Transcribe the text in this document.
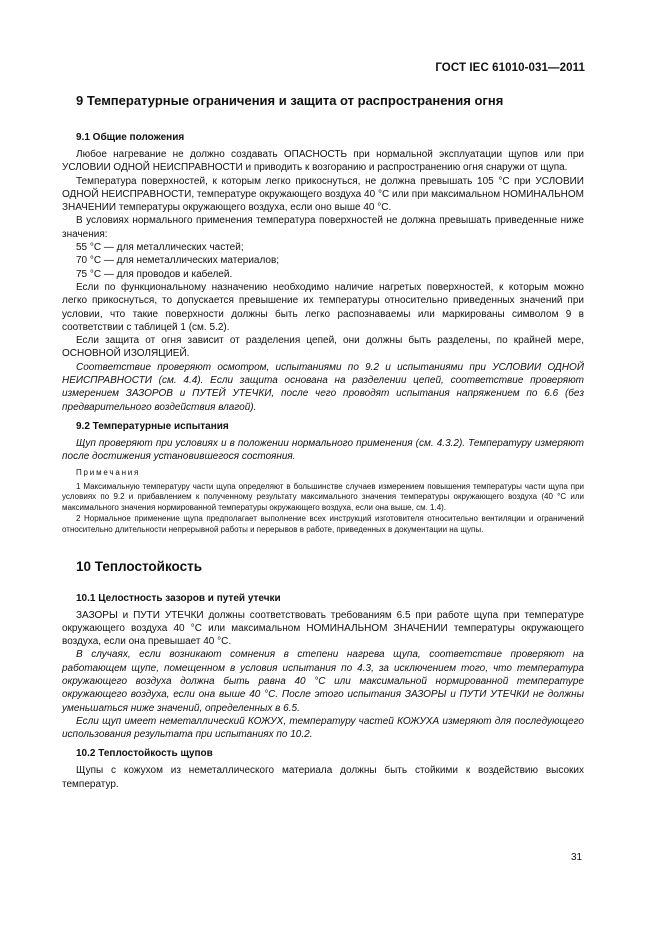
ГОСТ IEC 61010-031—2011
9 Температурные ограничения и защита от распространения огня
9.1 Общие положения

Любое нагревание не должно создавать ОПАСНОСТЬ при нормальной эксплуатации щупов или при УСЛОВИИ ОДНОЙ НЕИСПРАВНОСТИ и приводить к возгоранию и распространению огня снаружи от щупа.

Температура поверхностей, к которым легко прикоснуться, не должна превышать 105 °С при УСЛОВИИ ОДНОЙ НЕИСПРАВНОСТИ, температуре окружающего воздуха 40 °С или при максимальном НОМИНАЛЬНОМ ЗНАЧЕНИИ температуры окружающего воздуха, если оно выше 40 °С.

В условиях нормального применения температура поверхностей не должна превышать приведенные ниже значения:

55 °С — для металлических частей;

70 °С — для неметаллических материалов;

75 °С — для проводов и кабелей.

Если по функциональному назначению необходимо наличие нагретых поверхностей, к которым можно легко прикоснуться, то допускается превышение их температуры относительно приведенных значений при условии, что такие поверхности должны быть легко распознаваемы или маркированы символом 9 в соответствии с таблицей 1 (см. 5.2).

Если защита от огня зависит от разделения цепей, они должны быть разделены, по крайней мере, ОСНОВНОЙ ИЗОЛЯЦИЕЙ.

Соответствие проверяют осмотром, испытаниями по 9.2 и испытаниями при УСЛОВИИ ОДНОЙ НЕИСПРАВНОСТИ (см. 4.4). Если защита основана на разделении цепей, соответствие проверяют измерением ЗАЗОРОВ и ПУТЕЙ УТЕЧКИ, после чего проводят испытания напряжением по 6.6 (без предварительного воздействия влагой).

9.2 Температурные испытания

Щуп проверяют при условиях и в положении нормального применения (см. 4.3.2). Температуру измеряют после достижения установившегося состояния.

Примечания

1 Максимальную температуру части щупа определяют в большинстве случаев измерением повышения температуры части щупа при условиях по 9.2 и прибавлением к полученному результату максимального значения температуры окружающего воздуха (40 °С или максимального значения нормированной температуры окружающего воздуха, если она выше, см. 1.4).

2 Нормальное применение щупа предполагает выполнение всех инструкций изготовителя относительно вентиляции и ограничений относительно длительности непрерывной работы и перерывов в работе, приведенных в документации на щупы.

10 Теплостойкость
10.1 Целостность зазоров и путей утечки

ЗАЗОРЫ и ПУТИ УТЕЧКИ должны соответствовать требованиям 6.5 при работе щупа при температуре окружающего воздуха 40 °С или максимальном НОМИНАЛЬНОМ ЗНАЧЕНИИ температуры окружающего воздуха, если она превышает 40 °С.

В случаях, если возникают сомнения в степени нагрева щупа, соответствие проверяют на работающем щупе, помещенном в условия испытания по 4.3, за исключением того, что температура окружающего воздуха должна быть равна 40 °С или максимальной нормированной температуре окружающего воздуха, если она выше 40 °С. После этого испытания ЗАЗОРЫ и ПУТИ УТЕЧКИ не должны уменьшаться ниже значений, определенных в 6.5.

Если щуп имеет неметаллический КОЖУХ, температуру частей КОЖУХА измеряют для последующего использования результата при испытаниях по 10.2.

10.2 Теплостойкость щупов

Щупы с кожухом из неметаллического материала должны быть стойкими к воздействию высоких температур.

31
